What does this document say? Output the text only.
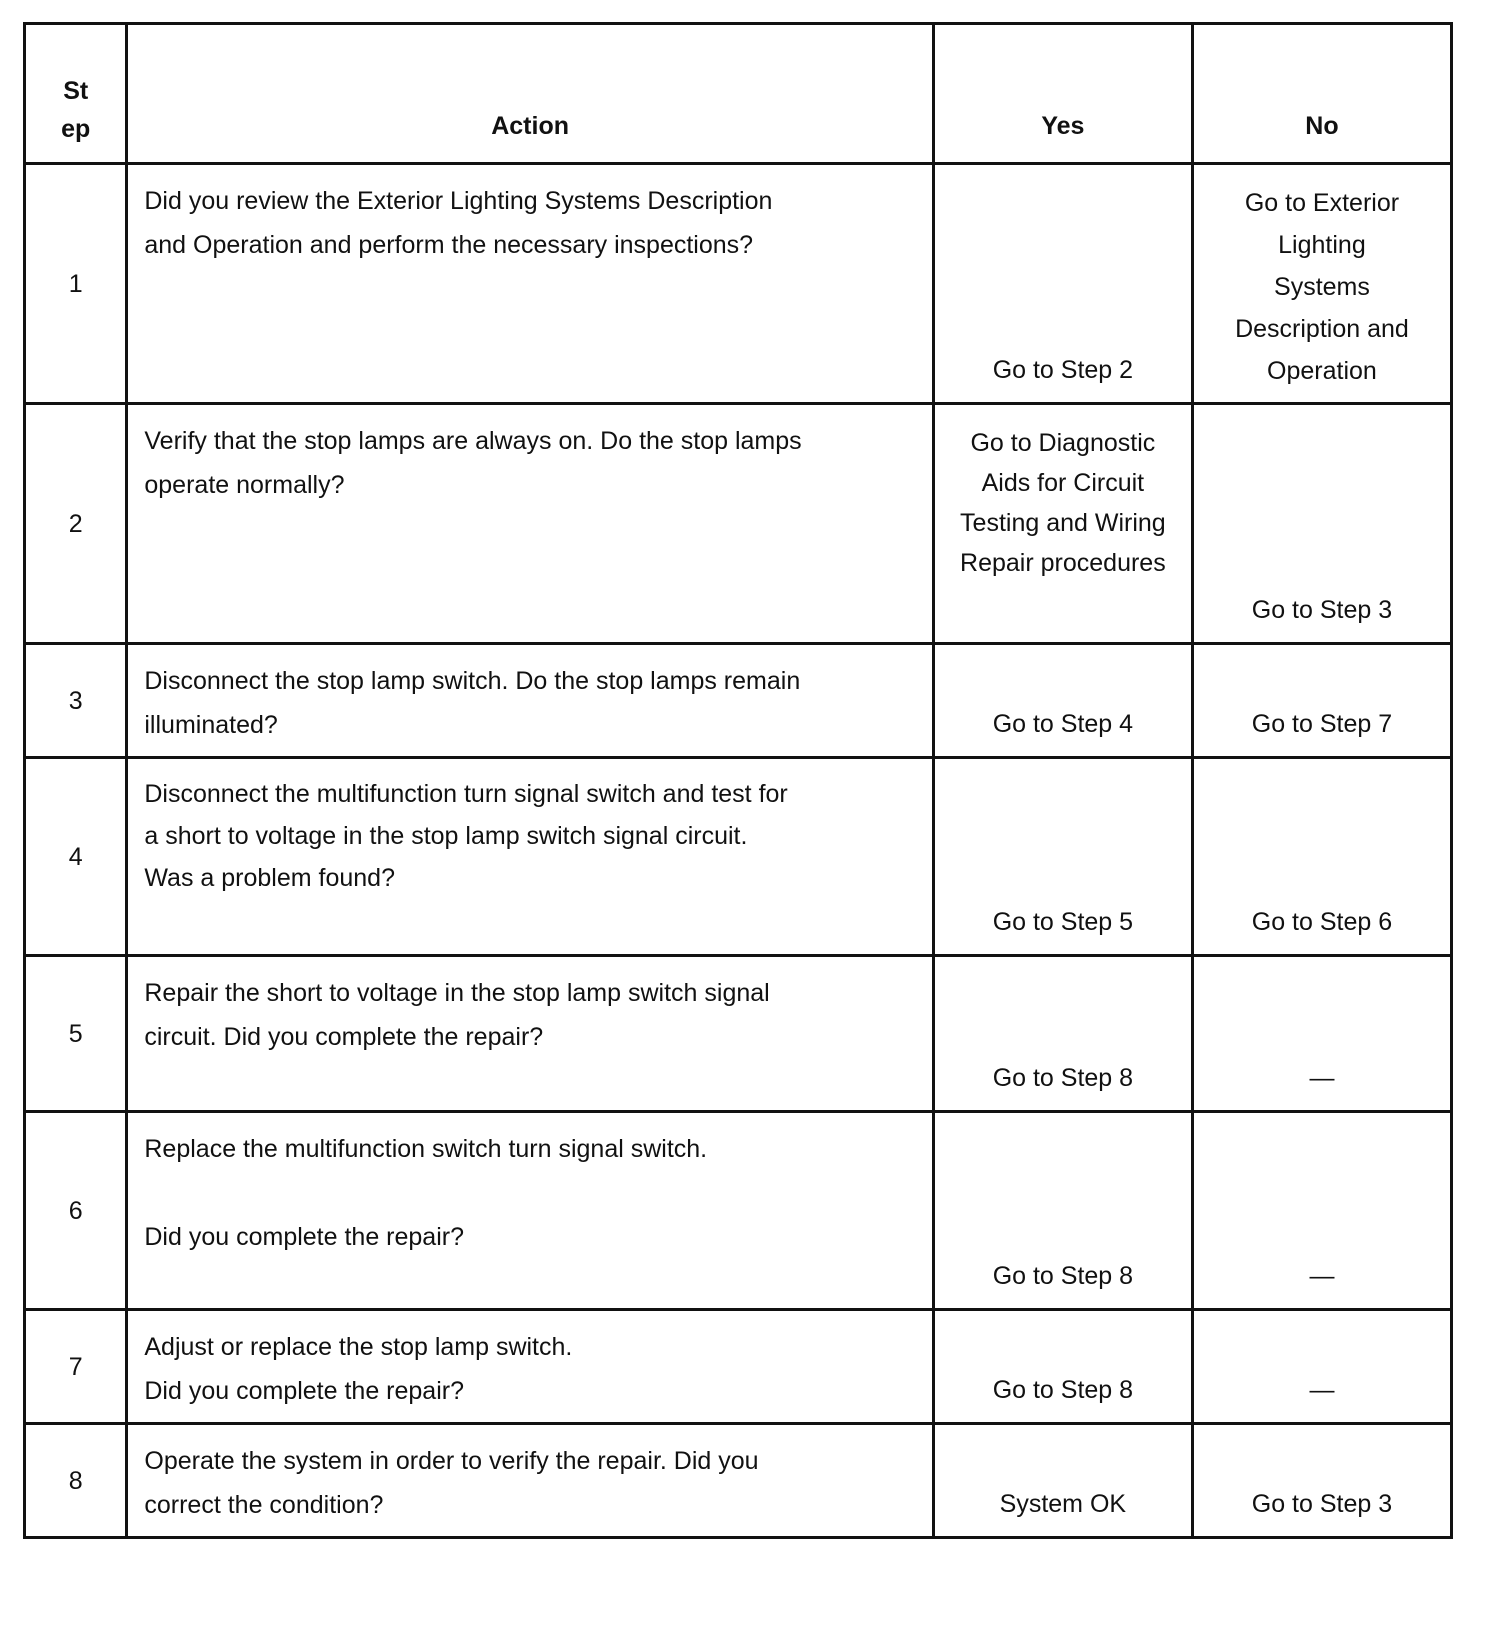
St
ep	Action	Yes	No
1	Did you review the Exterior Lighting Systems Description
and Operation and perform the necessary inspections?	Go to Step 2	Go to Exterior
Lighting
Systems
Description and
Operation

2	Verify that the stop lamps are always on. Do the stop lamps
operate normally?	Go to Diagnostic
Aids for Circuit
Testing and Wiring
Repair procedures	Go to Step 3

3	Disconnect the stop lamp switch. Do the stop lamps remain
illuminated?	Go to Step 4	Go to Step 7

4	Disconnect the multifunction turn signal switch and test for
a short to voltage in the stop lamp switch signal circuit.
Was a problem found?	Go to Step 5	Go to Step 6

5	Repair the short to voltage in the stop lamp switch signal
circuit. Did you complete the repair?	Go to Step 8	—

6	Replace the multifunction switch turn signal switch.
Did you complete the repair?	Go to Step 8	—

7	Adjust or replace the stop lamp switch.
Did you complete the repair?	Go to Step 8	—

8	Operate the system in order to verify the repair. Did you
correct the condition?	System OK	Go to Step 3
